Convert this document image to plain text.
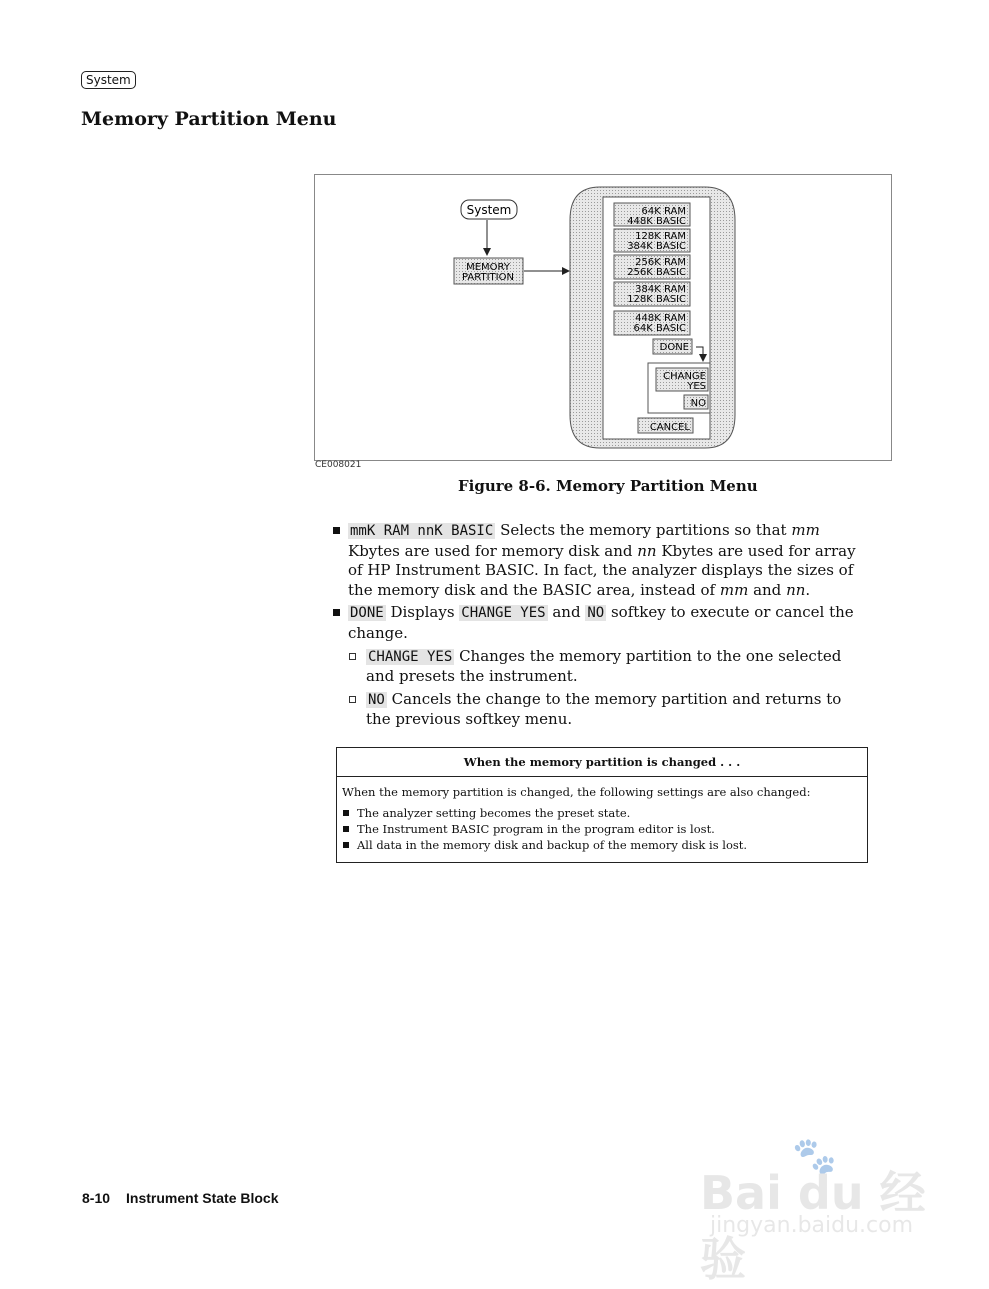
System
Memory Partition Menu
System
MEMORY
PARTITION
64K RAM
448K BASIC
128K RAM
384K BASIC
256K RAM
256K BASIC
384K RAM
128K BASIC
448K RAM
64K BASIC
DONE
CHANGE
YES
NO
CANCEL
CE008021
Figure 8-6. Memory Partition Menu
mmK RAM nnK BASIC Selects the memory partitions so that mm Kbytes are used for memory disk and nn Kbytes are used for array of HP Instrument BASIC. In fact, the analyzer displays the sizes of the memory disk and the BASIC area, instead of mm and nn.
DONE Displays CHANGE YES and NO softkey to execute or cancel the change.
CHANGE YES Changes the memory partition to the one selected and presets the instrument.
NO Cancels the change to the memory partition and returns to the previous softkey menu.
When the memory partition is changed . . .
When the memory partition is changed, the following settings are also changed:
The analyzer setting becomes the preset state.
The Instrument BASIC program in the program editor is lost.
All data in the memory disk and backup of the memory disk is lost.
8-10 Instrument State Block
🐾
Bai du 经验
jingyan.baidu.com
